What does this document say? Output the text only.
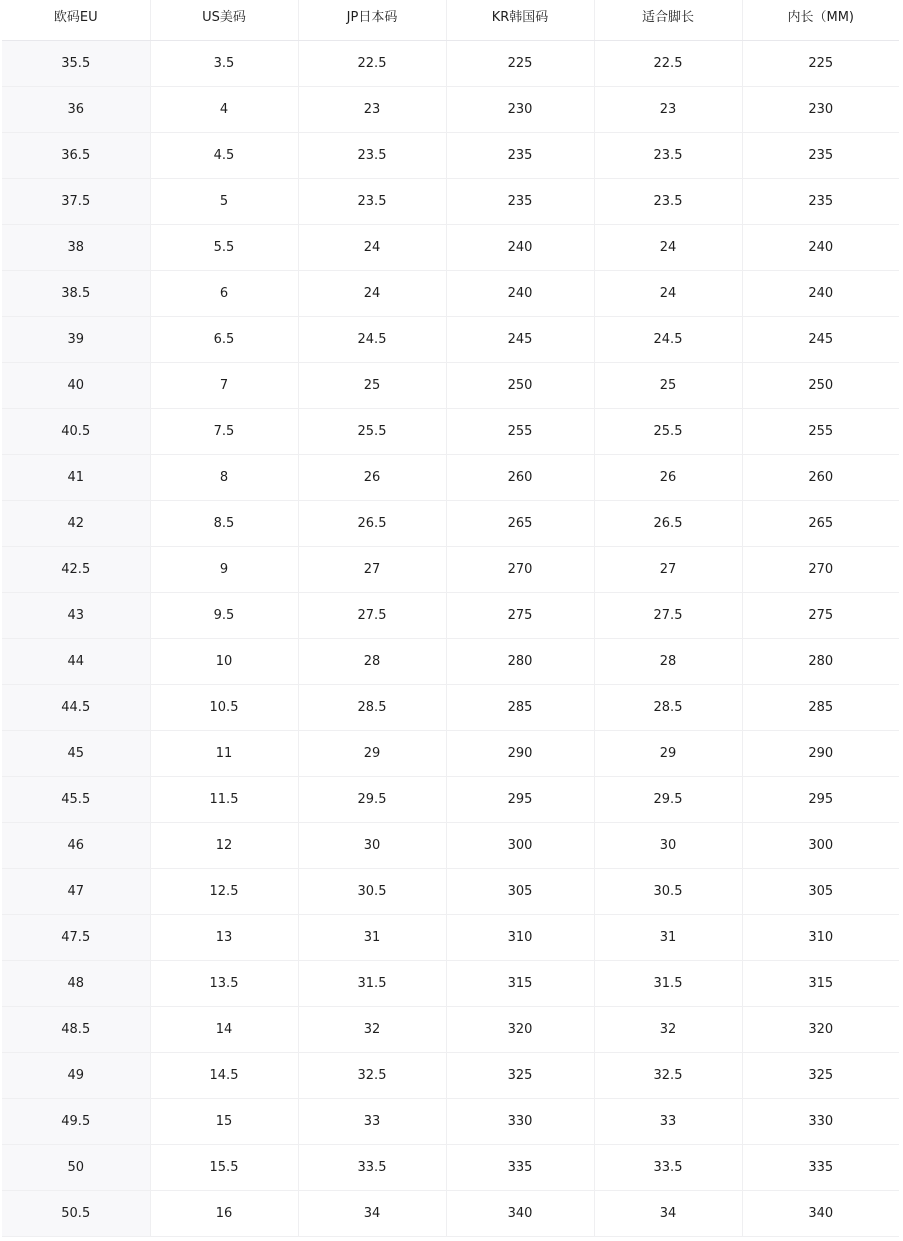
欧码EU	US美码	JP日本码	KR韩国码	适合脚长	内长（MM)
35.5	3.5	22.5	225	22.5	225
36	4	23	230	23	230
36.5	4.5	23.5	235	23.5	235
37.5	5	23.5	235	23.5	235
38	5.5	24	240	24	240
38.5	6	24	240	24	240
39	6.5	24.5	245	24.5	245
40	7	25	250	25	250
40.5	7.5	25.5	255	25.5	255
41	8	26	260	26	260
42	8.5	26.5	265	26.5	265
42.5	9	27	270	27	270
43	9.5	27.5	275	27.5	275
44	10	28	280	28	280
44.5	10.5	28.5	285	28.5	285
45	11	29	290	29	290
45.5	11.5	29.5	295	29.5	295
46	12	30	300	30	300
47	12.5	30.5	305	30.5	305
47.5	13	31	310	31	310
48	13.5	31.5	315	31.5	315
48.5	14	32	320	32	320
49	14.5	32.5	325	32.5	325
49.5	15	33	330	33	330
50	15.5	33.5	335	33.5	335
50.5	16	34	340	34	340
